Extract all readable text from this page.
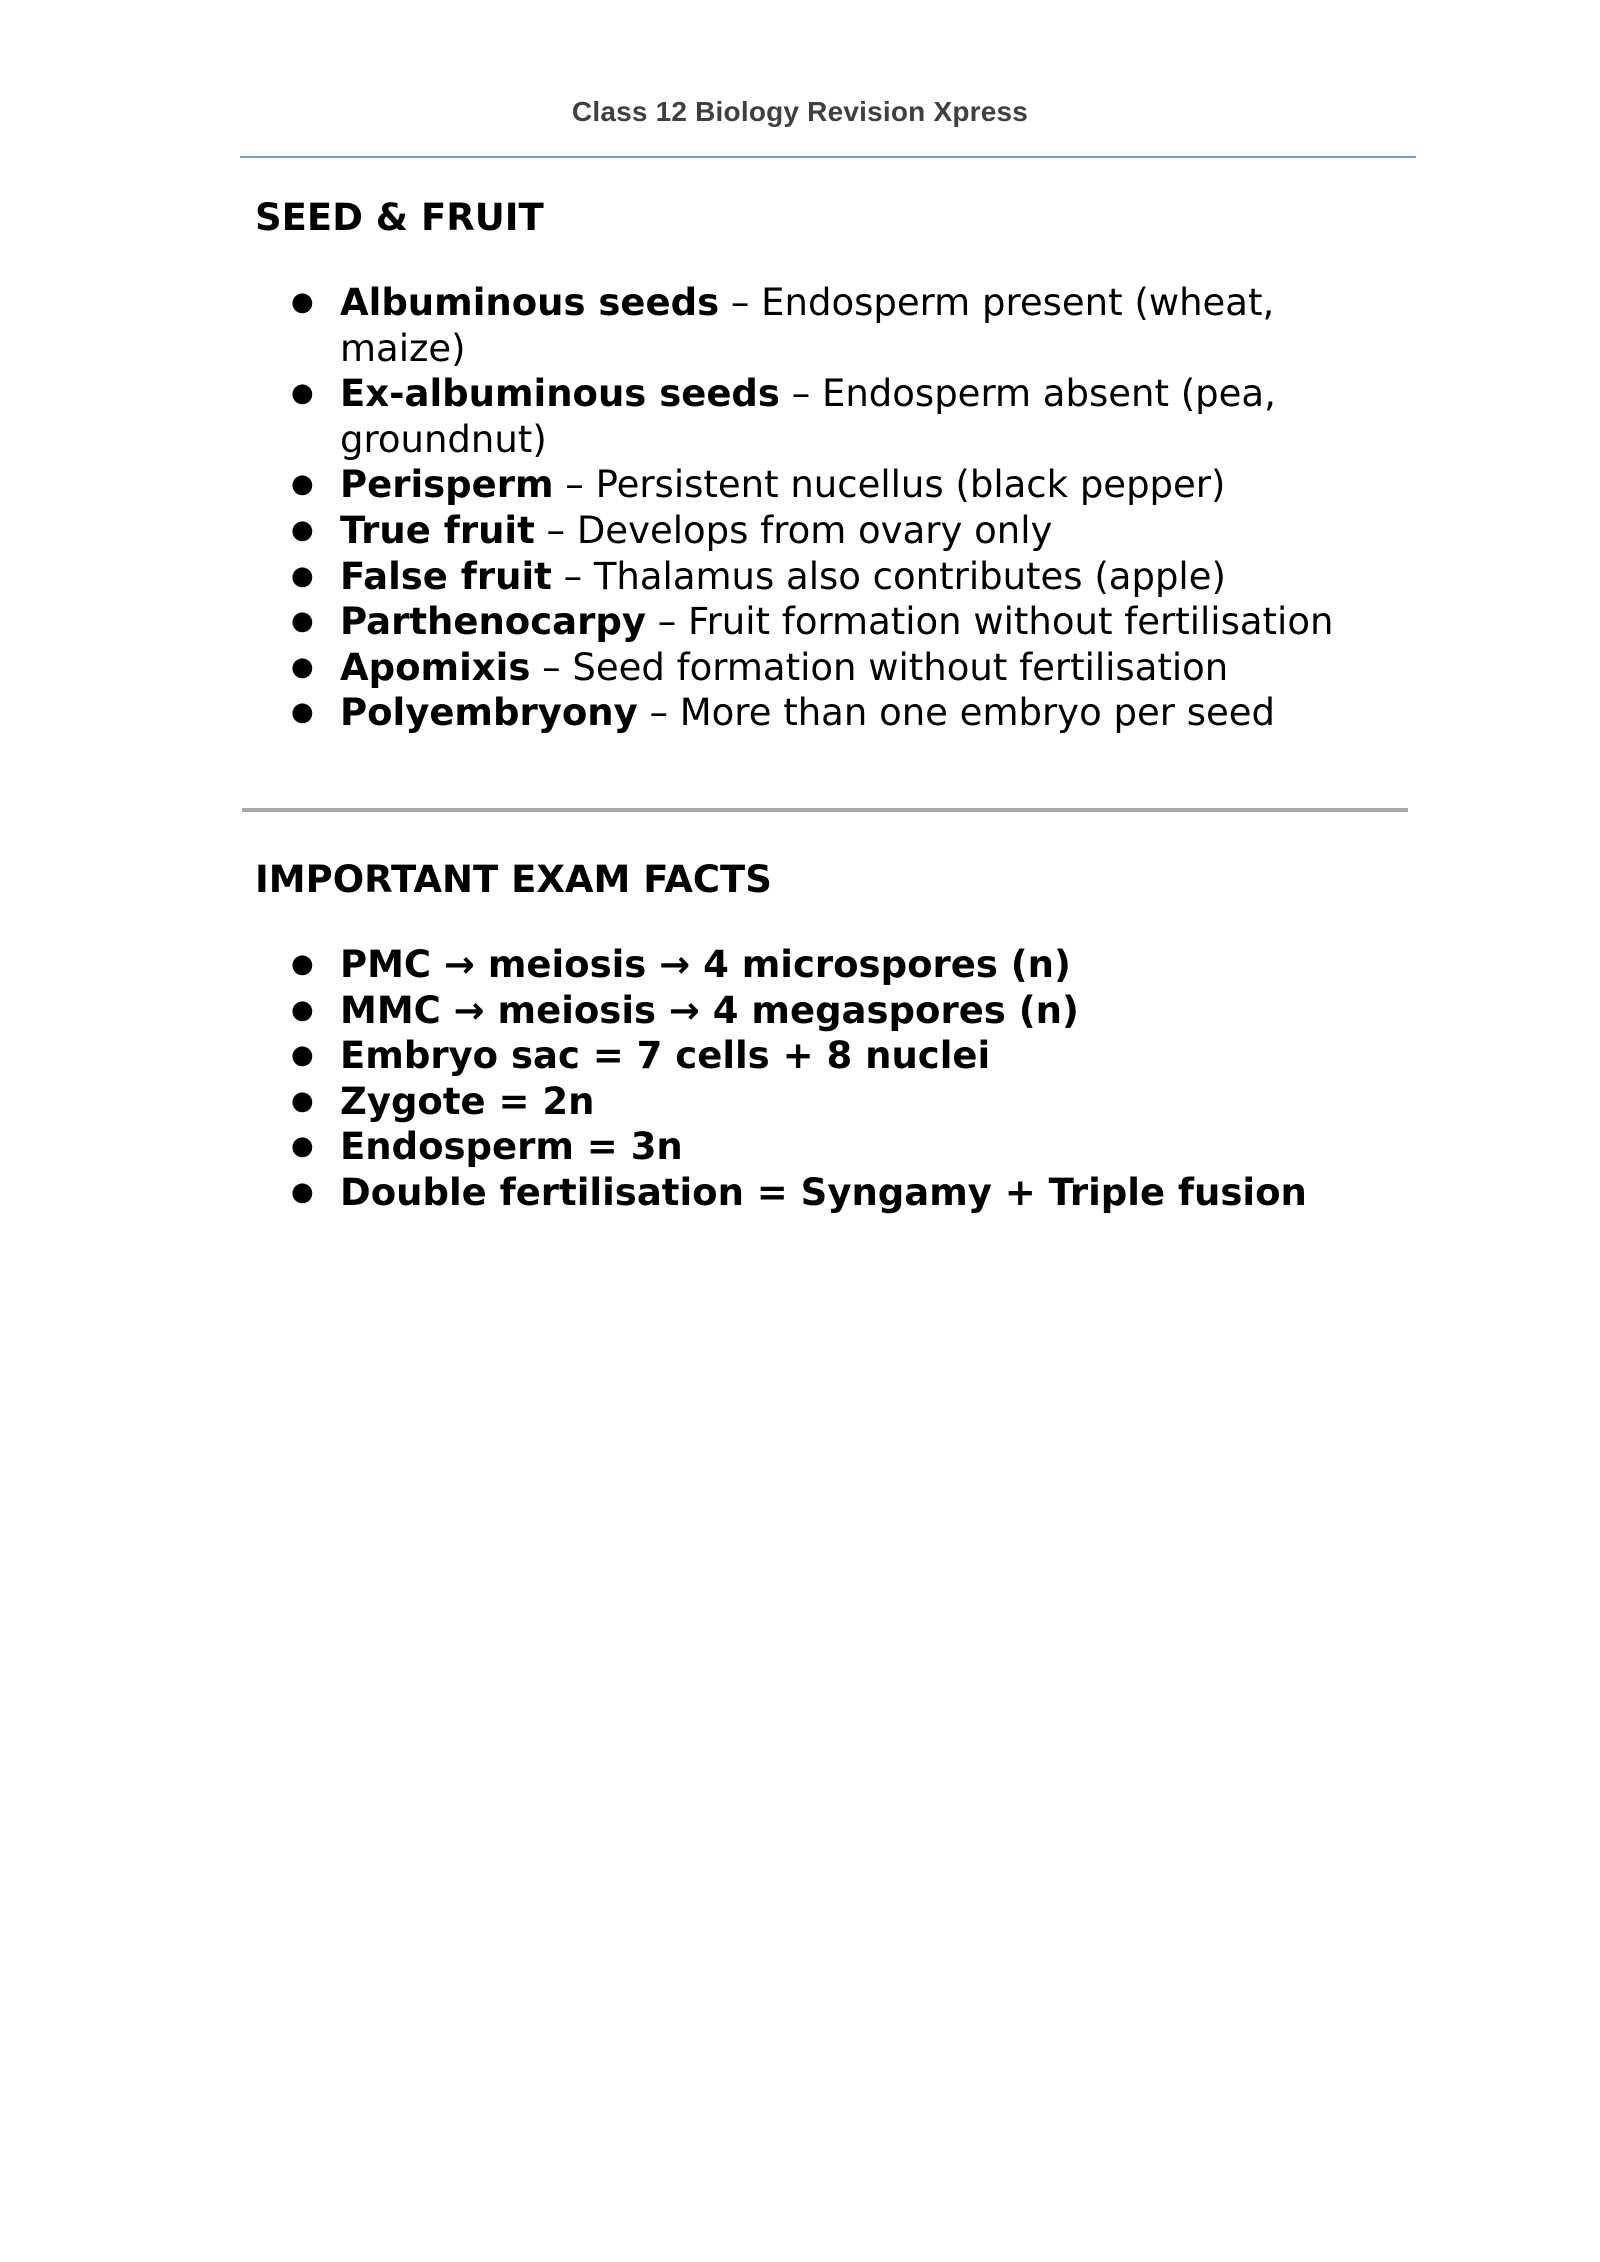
Class 12 Biology Revision Xpress
SEED & FRUIT
● Albuminous seeds – Endosperm present (wheat, maize)
● Ex-albuminous seeds – Endosperm absent (pea, groundnut)
● Perisperm – Persistent nucellus (black pepper)
● True fruit – Develops from ovary only
● False fruit – Thalamus also contributes (apple)
● Parthenocarpy – Fruit formation without fertilisation
● Apomixis – Seed formation without fertilisation
● Polyembryony – More than one embryo per seed
IMPORTANT EXAM FACTS
● PMC → meiosis → 4 microspores (n)
● MMC → meiosis → 4 megaspores (n)
● Embryo sac = 7 cells + 8 nuclei
● Zygote = 2n
● Endosperm = 3n
● Double fertilisation = Syngamy + Triple fusion
